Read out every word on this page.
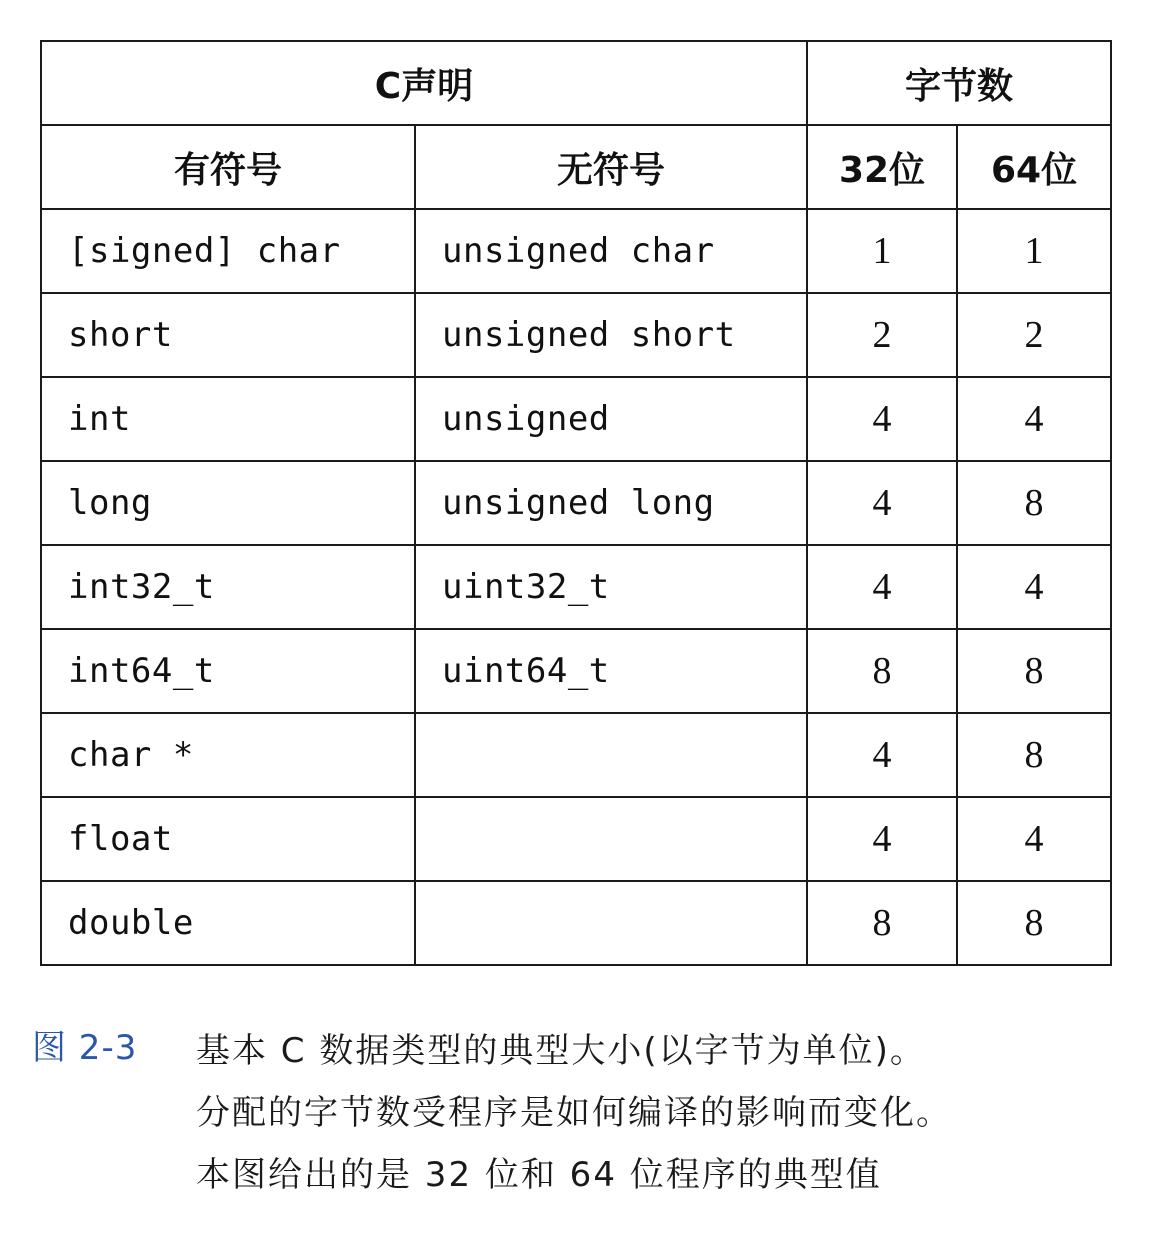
C声明		字节数	
有符号	无符号	32位	64位
[signed] char	unsigned char	1	1
short	unsigned short	2	2
int	unsigned	4	4
long	unsigned long	4	8
int32_t	uint32_t	4	4
int64_t	uint64_t	8	8
char *		4	8
float		4	4
double		8	8
图 2-3 基本 C 数据类型的典型大小(以字节为单位)。
分配的字节数受程序是如何编译的影响而变化。
本图给出的是 32 位和 64 位程序的典型值
